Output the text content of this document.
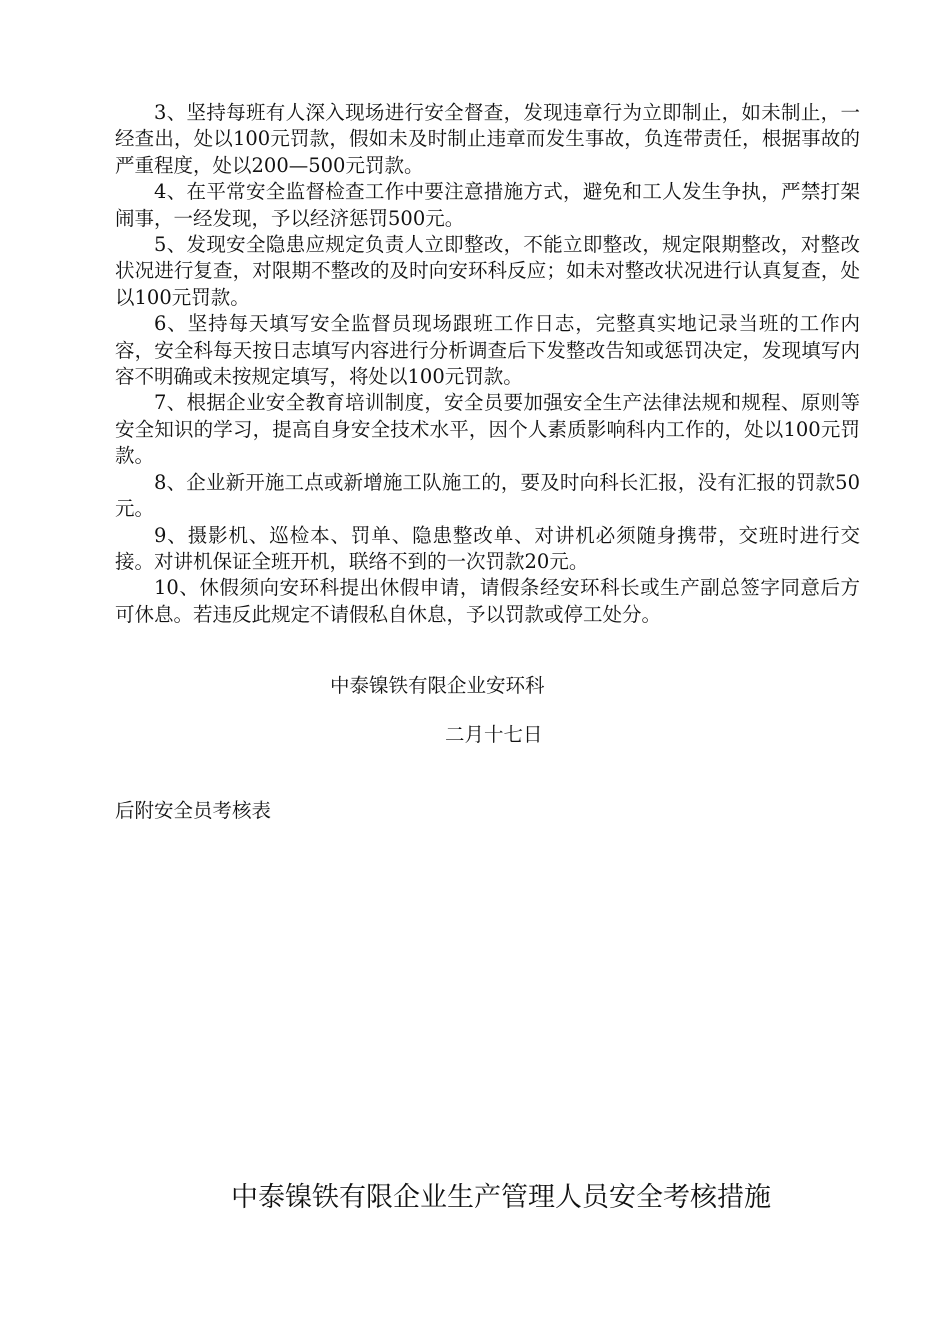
3、坚持每班有人深入现场进行安全督查，发现违章行为立即制止，如未制止，一经查出，处以100元罚款，假如未及时制止违章而发生事故，负连带责任，根据事故的严重程度，处以200—500元罚款。

4、在平常安全监督检查工作中要注意措施方式，避免和工人发生争执，严禁打架闹事，一经发现，予以经济惩罚500元。

5、发现安全隐患应规定负责人立即整改，不能立即整改，规定限期整改，对整改状况进行复查，对限期不整改的及时向安环科反应；如未对整改状况进行认真复查，处以100元罚款。

6、坚持每天填写安全监督员现场跟班工作日志，完整真实地记录当班的工作内容，安全科每天按日志填写内容进行分析调查后下发整改告知或惩罚决定，发现填写内容不明确或未按规定填写，将处以100元罚款。

7、根据企业安全教育培训制度，安全员要加强安全生产法律法规和规程、原则等安全知识的学习，提高自身安全技术水平，因个人素质影响科内工作的，处以100元罚款。

8、企业新开施工点或新增施工队施工的，要及时向科长汇报，没有汇报的罚款50元。

9、摄影机、巡检本、罚单、隐患整改单、对讲机必须随身携带，交班时进行交接。对讲机保证全班开机，联络不到的一次罚款20元。

10、休假须向安环科提出休假申请，请假条经安环科长或生产副总签字同意后方可休息。若违反此规定不请假私自休息，予以罚款或停工处分。

中泰镍铁有限企业安环科
二月十七日
后附安全员考核表
中泰镍铁有限企业生产管理人员安全考核措施
